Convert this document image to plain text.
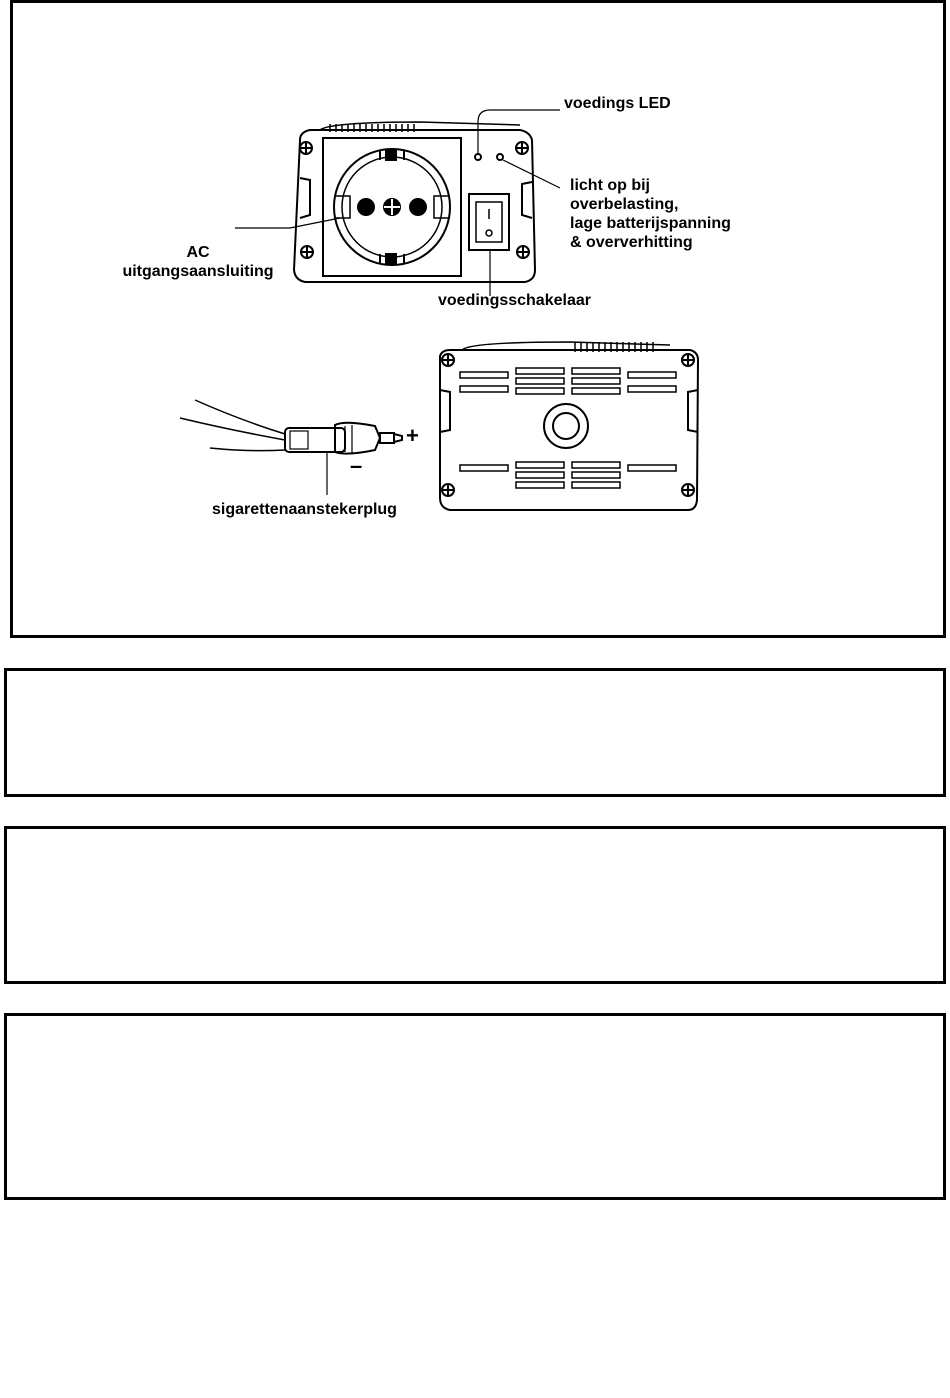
voedings LED
licht op bij
overbelasting,
lage batterijspanning
& oververhitting
AC
uitgangsaansluiting
voedingsschakelaar
sigarettenaanstekerplug
+
–
